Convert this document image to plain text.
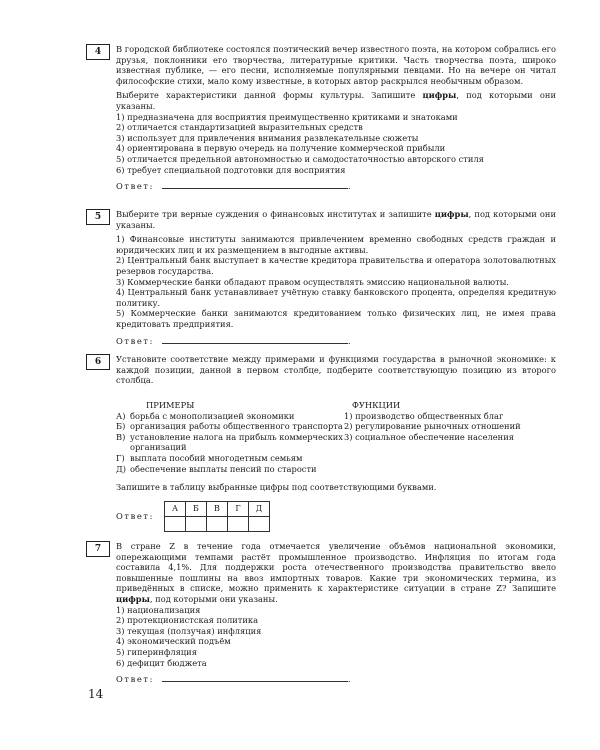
4	В городской библиотеке состоялся поэтический вечер известного поэта, на котором собрались его друзья, поклонники его творчества, литературные критики. Часть творчества поэта, широко известная публике, — его песни, исполняемые популярными певцами. Но на вечере он читал философские стихи, мало кому известные, в которых автор раскрылся необычным образом.

Выберите характеристики данной формы культуры. Запишите цифры, под которыми они указаны.

1) предназначена для восприятия преимущественно критиками и знатоками

2) отличается стандартизацией выразительных средств

3) использует для привлечения внимания развлекательные сюжеты

4) ориентирована в первую очередь на получение коммерческой прибыли

5) отличается предельной автономностью и самодостаточностью авторского стиля

6) требует специальной подготовки для восприятия

Ответ:	.
5	Выберите три верные суждения о финансовых институтах и запишите цифры, под которыми они указаны.

1) Финансовые институты занимаются привлечением временно свободных средств граждан и юридических лиц и их размещением в выгодные активы.

2) Центральный банк выступает в качестве кредитора правительства и оператора золотовалютных резервов государства.

3) Коммерческие банки обладают правом осуществлять эмиссию национальной валюты.

4) Центральный банк устанавливает учётную ставку банковского процента, определяя кредитную политику.

5) Коммерческие банки занимаются кредитованием только физических лиц, не имея права кредитовать предприятия.

Ответ:	.
6	Установите соответствие между примерами и функциями государства в рыночной экономике: к каждой позиции, данной в первом столбце, подберите соответствующую позицию из второго столбца.

ПРИМЕРЫ

А) борьба с монополизацией экономики
Б) организация работы общественного транспорта
В) установление налога на прибыль коммерческих организаций
Г) выплата пособий многодетным семьям
Д) обеспечение выплаты пенсий по старости

ФУНКЦИИ

1) производство общественных благ

2) регулирование рыночных отношений

3) социальное обеспечение населения

Запишите в таблицу выбранные цифры под соответствующими буквами.

Ответ:
А	Б	В	Г	Д

7	В стране Z в течение года отмечается увеличение объёмов национальной экономики, опережающими темпами растёт промышленное производство. Инфляция по итогам года составила 4,1%. Для поддержки роста отечественного производства правительство ввело повышенные пошлины на ввоз импортных товаров. Какие три экономических термина, из приведённых в списке, можно применить к характеристике ситуации в стране Z? Запишите цифры, под которыми они указаны.

1) национализация

2) протекционистская политика

3) текущая (ползучая) инфляция

4) экономический подъём

5) гиперинфляция

6) дефицит бюджета

Ответ:	.
14
